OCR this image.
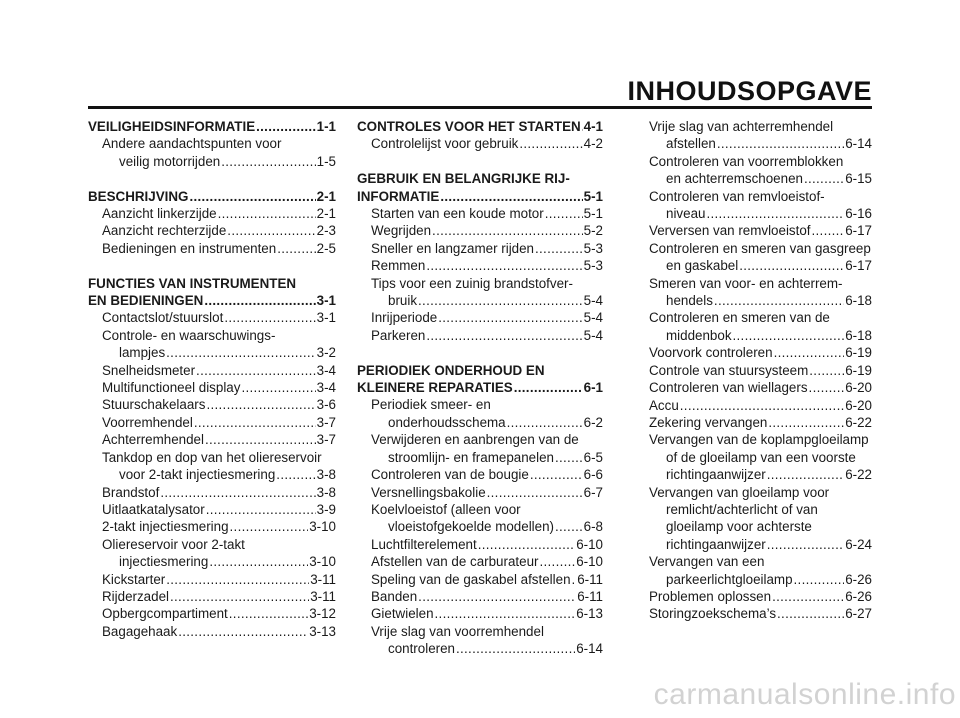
INHOUDSOPGAVE
VEILIGHEIDSINFORMATIE .....	1-1
Andere aandachtspunten voor
veilig motorrijden .....	1-5
BESCHRIJVING .....	2-1
Aanzicht linkerzijde .....	2-1
Aanzicht rechterzijde .....	2-3
Bedieningen en instrumenten .....	2-5
FUNCTIES VAN INSTRUMENTEN
EN BEDIENINGEN .....	3-1
Contactslot/stuurslot .....	3-1
Controle- en waarschuwings-
lampjes .....	3-2
Snelheidsmeter .....	3-4
Multifunctioneel display .....	3-4
Stuurschakelaars .....	3-6
Voorremhendel .....	3-7
Achterremhendel .....	3-7
Tankdop en dop van het oliereservoir
voor 2-takt injectiesmering .....	3-8
Brandstof .....	3-8
Uitlaatkatalysator .....	3-9
2-takt injectiesmering .....	3-10
Oliereservoir voor 2-takt
injectiesmering .....	3-10
Kickstarter .....	3-11
Rijderzadel .....	3-11
Opbergcompartiment .....	3-12
Bagagehaak .....	3-13
CONTROLES VOOR HET STARTEN ..... 4-1
Controlelijst voor gebruik .....	4-2
GEBRUIK EN BELANGRIJKE RIJ-
INFORMATIE .....	5-1
Starten van een koude motor .....	5-1
Wegrijden .....	5-2
Sneller en langzamer rijden .....	5-3
Remmen .....	5-3
Tips voor een zuinig brandstofver-
bruik .....	5-4
Inrijperiode .....	5-4
Parkeren .....	5-4
PERIODIEK ONDERHOUD EN
KLEINERE REPARATIES .....	6-1
Periodiek smeer- en
onderhoudsschema .....	6-2
Verwijderen en aanbrengen van de
stroomlijn- en framepanelen ..... 6-5
Controleren van de bougie .....	6-6
Versnellingsbakolie .....	6-7
Koelvloeistof (alleen voor
vloeistofgekoelde modellen) ..... 6-8
Luchtfilterelement .....	6-10
Afstellen van de carburateur .....	6-10
Speling van de gaskabel afstellen ..... 6-11
Banden .....	6-11
Gietwielen .....	6-13
Vrije slag van voorremhendel
controleren .....	6-14
Vrije slag van achterremhendel
afstellen .....	6-14
Controleren van voorremblokken
en achterremschoenen .....	6-15
Controleren van remvloeistof-
niveau .....	6-16
Verversen van remvloeistof .....	6-17
Controleren en smeren van gasgreep
en gaskabel .....	6-17
Smeren van voor- en achterrem-
hendels .....	6-18
Controleren en smeren van de
middenbok .....	6-18
Voorvork controleren .....	6-19
Controle van stuursysteem .....	6-19
Controleren van wiellagers .....	6-20
Accu .....	6-20
Zekering vervangen .....	6-22
Vervangen van de koplampgloeilamp
of de gloeilamp van een voorste
richtingaanwijzer .....	6-22
Vervangen van gloeilamp voor
remlicht/achterlicht of van
gloeilamp voor achterste
richtingaanwijzer .....	6-24
Vervangen van een
parkeerlichtgloeilamp .....	6-26
Problemen oplossen .....	6-26
Storingzoekschema’s .....	6-27
carmanualsonline.info
